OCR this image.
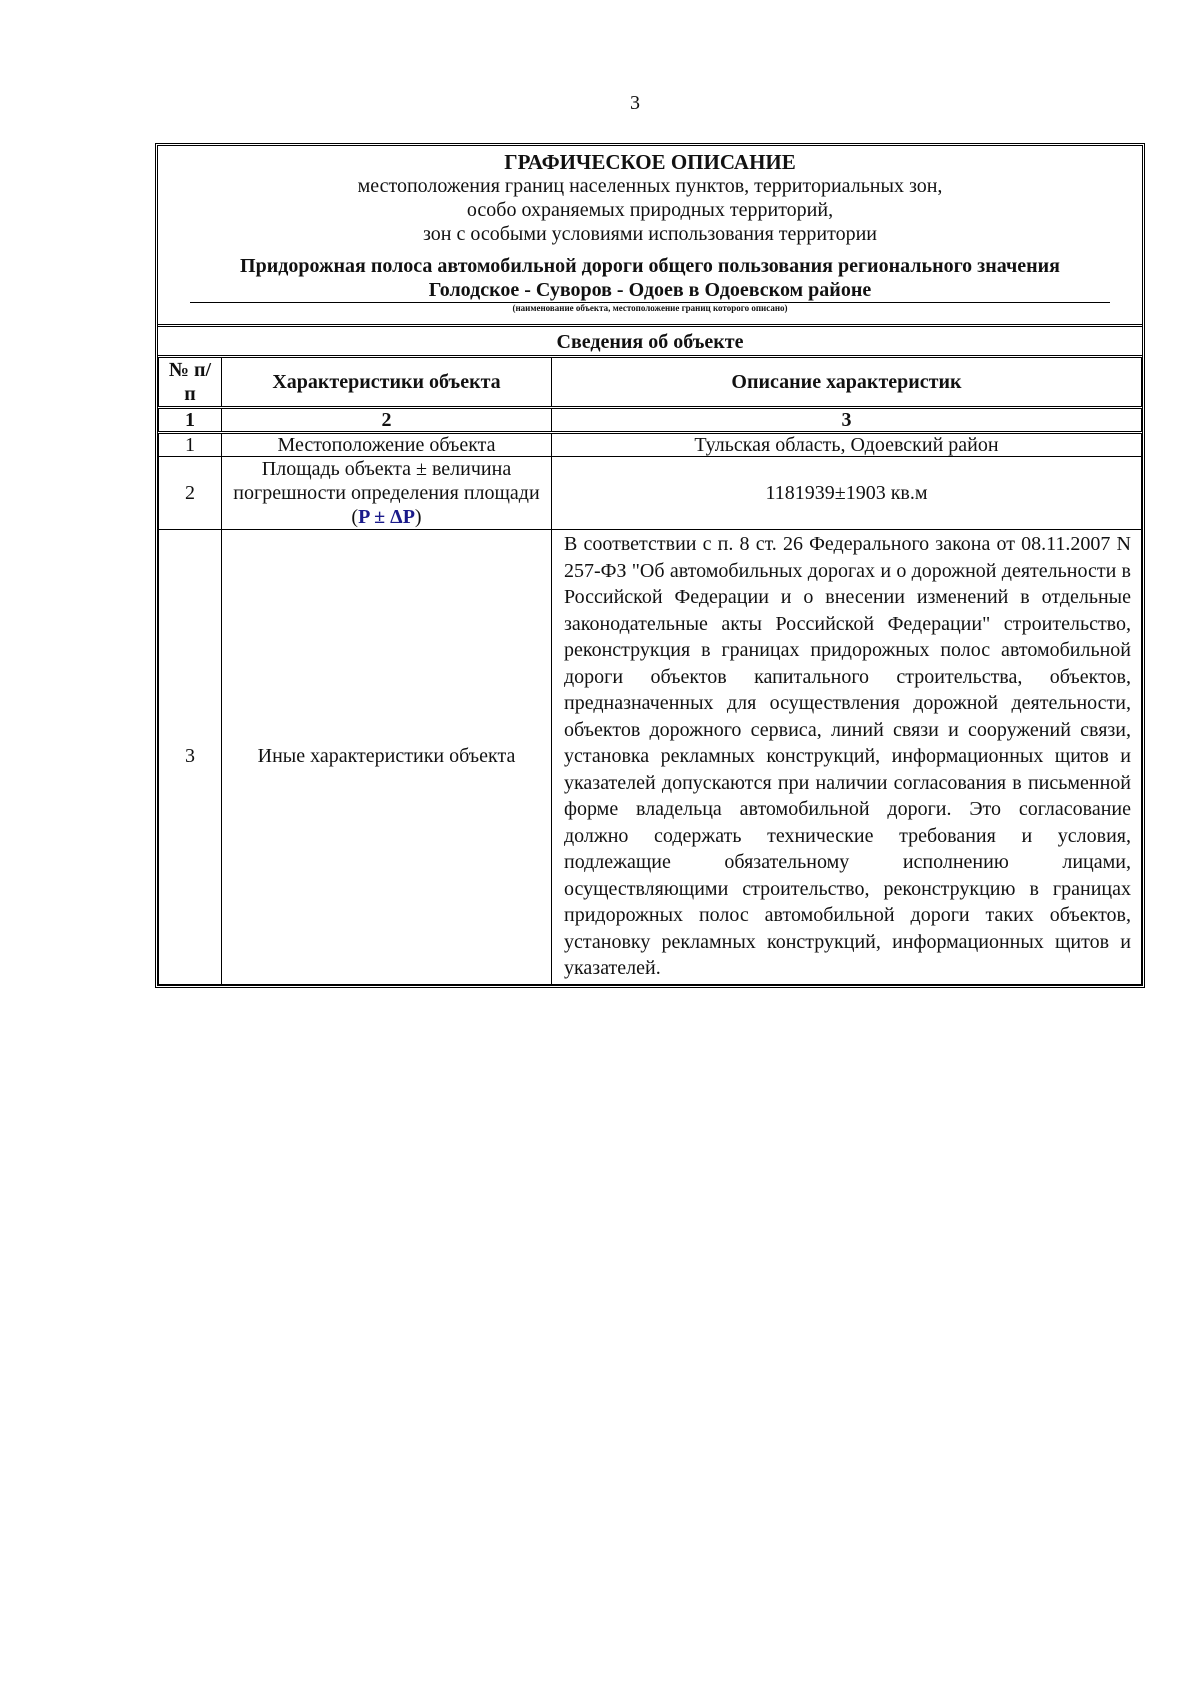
3
ГРАФИЧЕСКОЕ ОПИСАНИЕ
местоположения границ населенных пунктов, территориальных зон,
особо охраняемых природных территорий,
зон с особыми условиями использования территории
Придорожная полоса автомобильной дороги общего пользования регионального значения
Голодское - Суворов - Одоев в Одоевском районе
(наименование объекта, местоположение границ которого описано)
Сведения об объекте
№ п/п	Характеристики объекта	Описание характеристик
1	2	3
1	Местоположение объекта	Тульская область, Одоевский район
2	Площадь объекта ± величина погрешности определения площади (P ± ΔP)	1181939±1903 кв.м
3	Иные характеристики объекта	В соответствии с п. 8 ст. 26 Федерального закона от 08.11.2007 N 257-ФЗ "Об автомобильных дорогах и о дорожной деятельности в Российской Федерации и о внесении изменений в отдельные законодательные акты Российской Федерации" строительство, реконструкция в границах придорожных полос автомобильной дороги объектов капитального строительства, объектов, предназначенных для осуществления дорожной деятельности, объектов дорожного сервиса, линий связи и сооружений связи, установка рекламных конструкций, информационных щитов и указателей допускаются при наличии согласования в письменной форме владельца автомобильной дороги. Это согласование должно содержать технические требования и условия, подлежащие обязательному исполнению лицами, осуществляющими строительство, реконструкцию в границах придорожных полос автомобильной дороги таких объектов, установку рекламных конструкций, информационных щитов и указателей.
